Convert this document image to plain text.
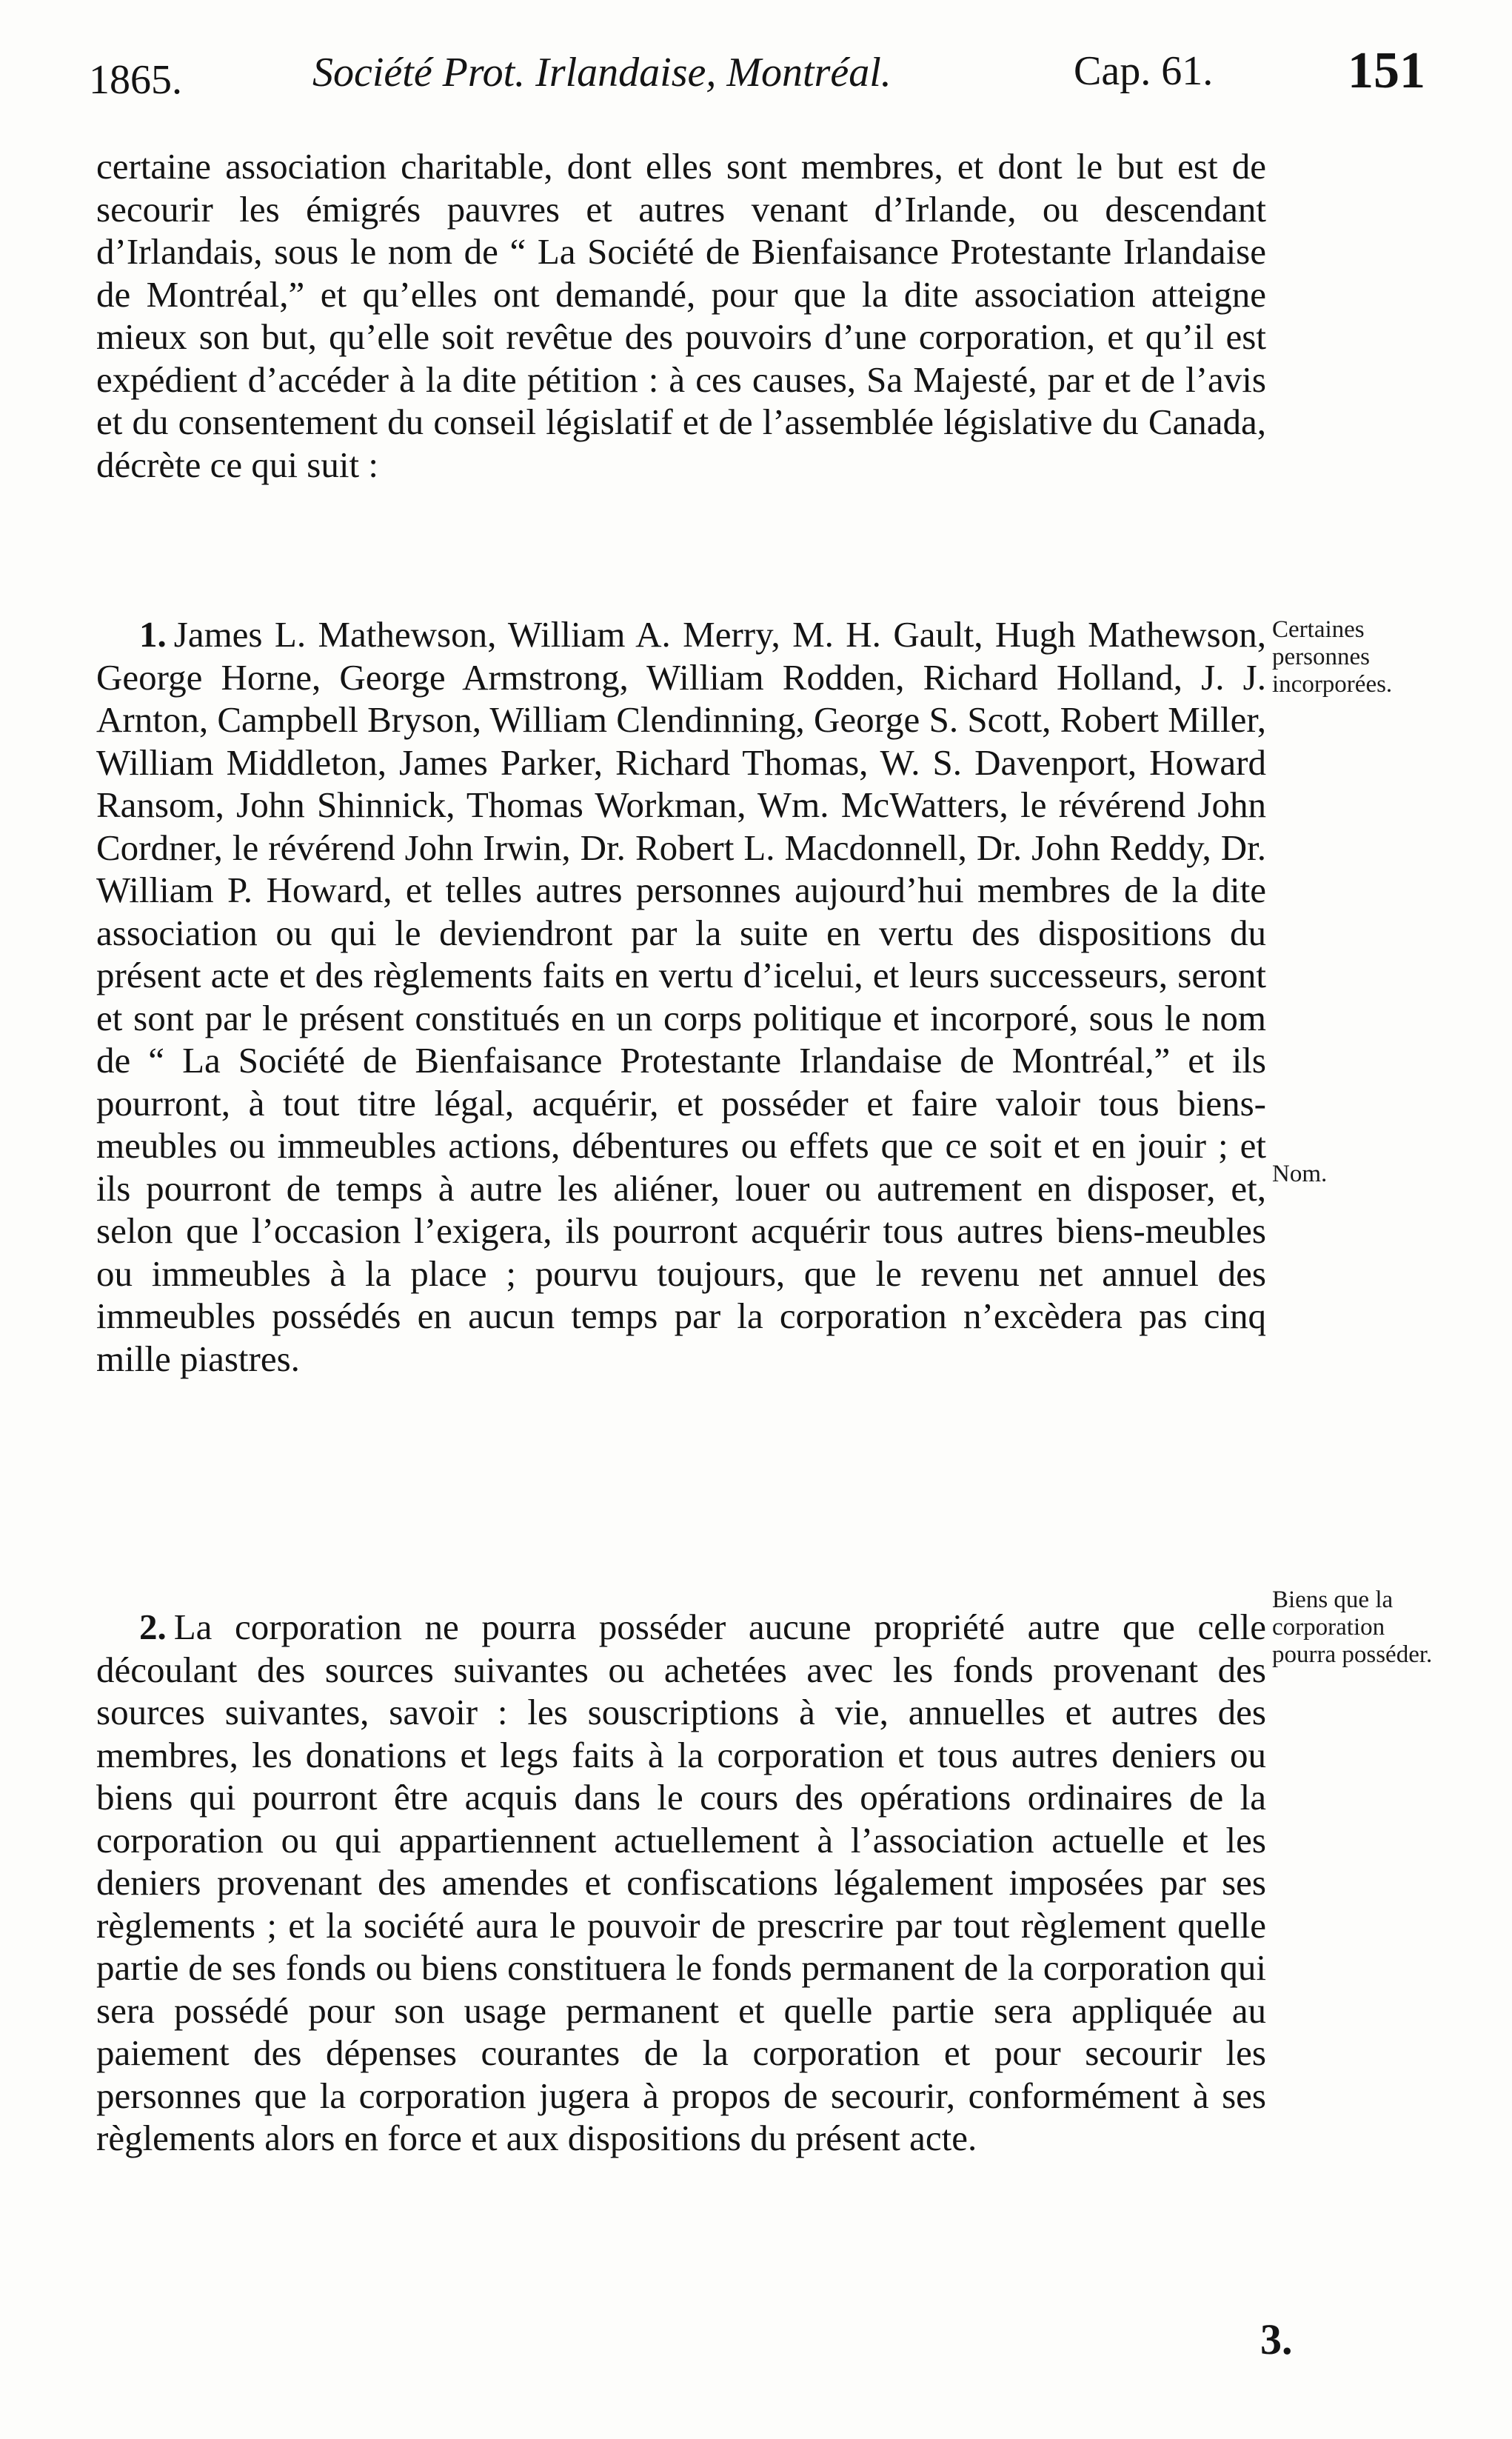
1865.	Société Prot. Irlandaise, Montréal.	Cap. 61.	151

certaine association charitable, dont elles sont membres, et dont le but est de secourir les émigrés pauvres et autres venant d’Irlande, ou descendant d’Irlandais, sous le nom de “ La Société de Bienfaisance Protestante Irlandaise de Montréal,” et qu’elles ont demandé, pour que la dite association atteigne mieux son but, qu’elle soit revêtue des pouvoirs d’une corporation, et qu’il est expédient d’accéder à la dite pétition : à ces causes, Sa Majesté, par et de l’avis et du consentement du conseil législatif et de l’assemblée législative du Canada, décrète ce qui suit :

1. James L. Mathewson, William A. Merry, M. H. Gault, Hugh Mathewson, George Horne, George Armstrong, William Rodden, Richard Holland, J. J. Arnton, Campbell Bryson, William Clendinning, George S. Scott, Robert Miller, William Middleton, James Parker, Richard Thomas, W. S. Davenport, Howard Ransom, John Shinnick, Thomas Workman, Wm. McWatters, le révérend John Cordner, le révérend John Irwin, Dr. Robert L. Macdonnell, Dr. John Reddy, Dr. William P. Howard, et telles autres personnes aujourd’hui membres de la dite association ou qui le deviendront par la suite en vertu des dispositions du présent acte et des règlements faits en vertu d’icelui, et leurs successeurs, seront et sont par le présent constitués en un corps politique et incorporé, sous le nom de “ La Société de Bienfaisance Protestante Irlandaise de Montréal,” et ils pourront, à tout titre légal, acquérir, et posséder et faire valoir tous biens-meubles ou immeubles actions, débentures ou effets que ce soit et en jouir ; et ils pourront de temps à autre les aliéner, louer ou autrement en disposer, et, selon que l’occasion l’exigera, ils pourront acquérir tous autres biens-meubles ou immeubles à la place ; pourvu toujours, que le revenu net annuel des immeubles possédés en aucun temps par la corporation n’excèdera pas cinq mille piastres.

Certaines personnes incorporées.
Nom.

2. La corporation ne pourra posséder aucune propriété autre que celle découlant des sources suivantes ou achetées avec les fonds provenant des sources suivantes, savoir : les souscriptions à vie, annuelles et autres des membres, les donations et legs faits à la corporation et tous autres deniers ou biens qui pourront être acquis dans le cours des opérations ordinaires de la corporation ou qui appartiennent actuellement à l’association actuelle et les deniers provenant des amendes et confiscations légalement imposées par ses règlements ; et la société aura le pouvoir de prescrire par tout règlement quelle partie de ses fonds ou biens constituera le fonds permanent de la corporation qui sera possédé pour son usage permanent et quelle partie sera appliquée au paiement des dépenses courantes de la corporation et pour secourir les personnes que la corporation jugera à propos de secourir, conformément à ses règlements alors en force et aux dispositions du présent acte.

Biens que la corporation pourra posséder.
3.
